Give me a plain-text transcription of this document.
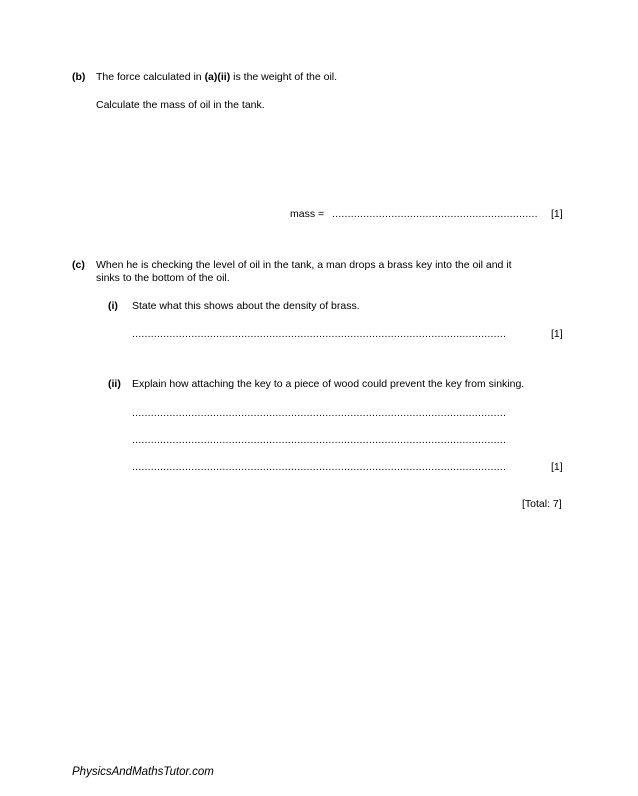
(b) The force calculated in (a)(ii) is the weight of the oil.
Calculate the mass of oil in the tank.
mass = .................................................................. [1]
(c) When he is checking the level of oil in the tank, a man drops a brass key into the oil and it
sinks to the bottom of the oil.
(i) State what this shows about the density of brass.
........................................................................................................................	[1]
(ii) Explain how attaching the key to a piece of wood could prevent the key from sinking.
........................................................................................................................
........................................................................................................................
........................................................................................................................	[1]
[Total: 7]
PhysicsAndMathsTutor.com
